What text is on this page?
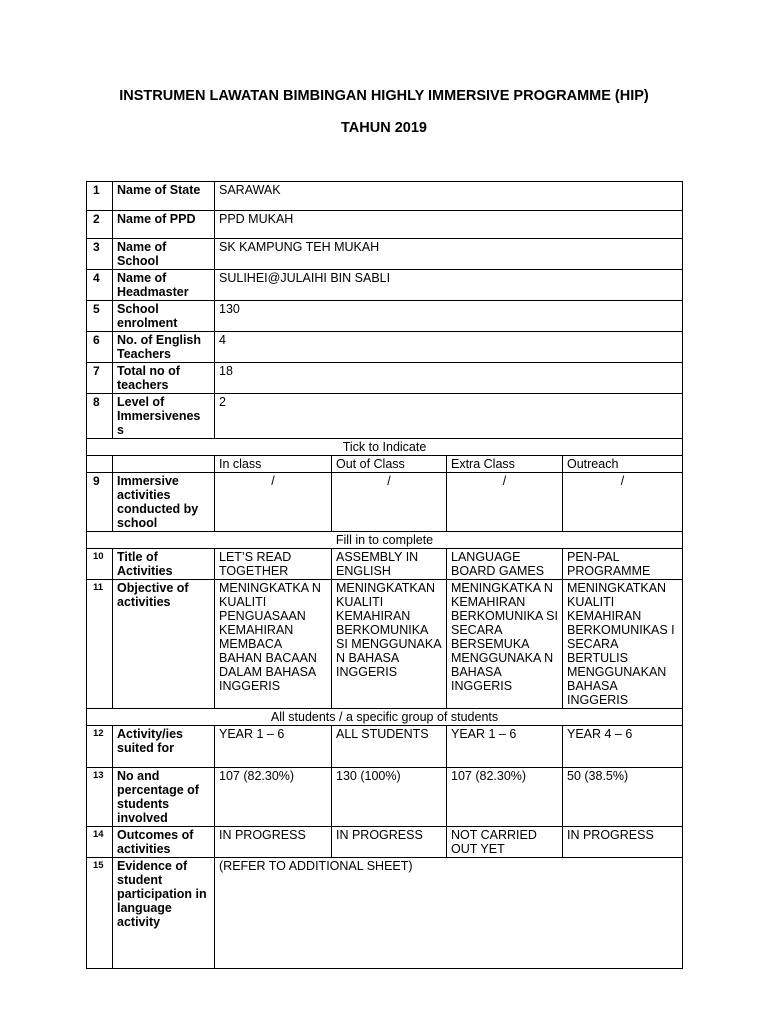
INSTRUMEN LAWATAN BIMBINGAN HIGHLY IMMERSIVE PROGRAMME (HIP)
TAHUN 2019
1	Name of State	SARAWAK			
2	Name of PPD	PPD MUKAH			
3	Name of School	SK KAMPUNG TEH MUKAH			
4	Name of Headmaster	SULIHEI@JULAIHI BIN SABLI			
5	School enrolment	130			
6	No. of English Teachers	4			
7	Total no of teachers	18			
8	Level of Immersivenes s	2			
Tick to Indicate					
		In class	Out of Class	Extra Class	Outreach
9	Immersive activities conducted by school	/	/	/	/
Fill in to complete					
10	Title of Activities	LET’S READ TOGETHER	ASSEMBLY IN ENGLISH	LANGUAGE BOARD GAMES	PEN-PAL PROGRAMME
11	Objective of activities	MENINGKATKA N KUALITI PENGUASAAN KEMAHIRAN MEMBACA BAHAN BACAAN DALAM BAHASA INGGERIS	MENINGKATKAN KUALITI KEMAHIRAN BERKOMUNIKA SI MENGGUNAKA N BAHASA INGGERIS	MENINGKATKA N KEMAHIRAN BERKOMUNIKA SI SECARA BERSEMUKA MENGGUNAKA N BAHASA INGGERIS	MENINGKATKAN KUALITI KEMAHIRAN BERKOMUNIKAS I SECARA BERTULIS MENGGUNAKAN BAHASA INGGERIS
All students / a specific group of students					
12	Activity/ies suited for	YEAR 1 – 6	ALL STUDENTS	YEAR 1 – 6	YEAR 4 – 6
13	No and percentage of students involved	107 (82.30%)	130 (100%)	107 (82.30%)	50 (38.5%)
14	Outcomes of activities	IN PROGRESS	IN PROGRESS	NOT CARRIED OUT YET	IN PROGRESS
15	Evidence of student participation in language activity	(REFER TO ADDITIONAL SHEET)			
